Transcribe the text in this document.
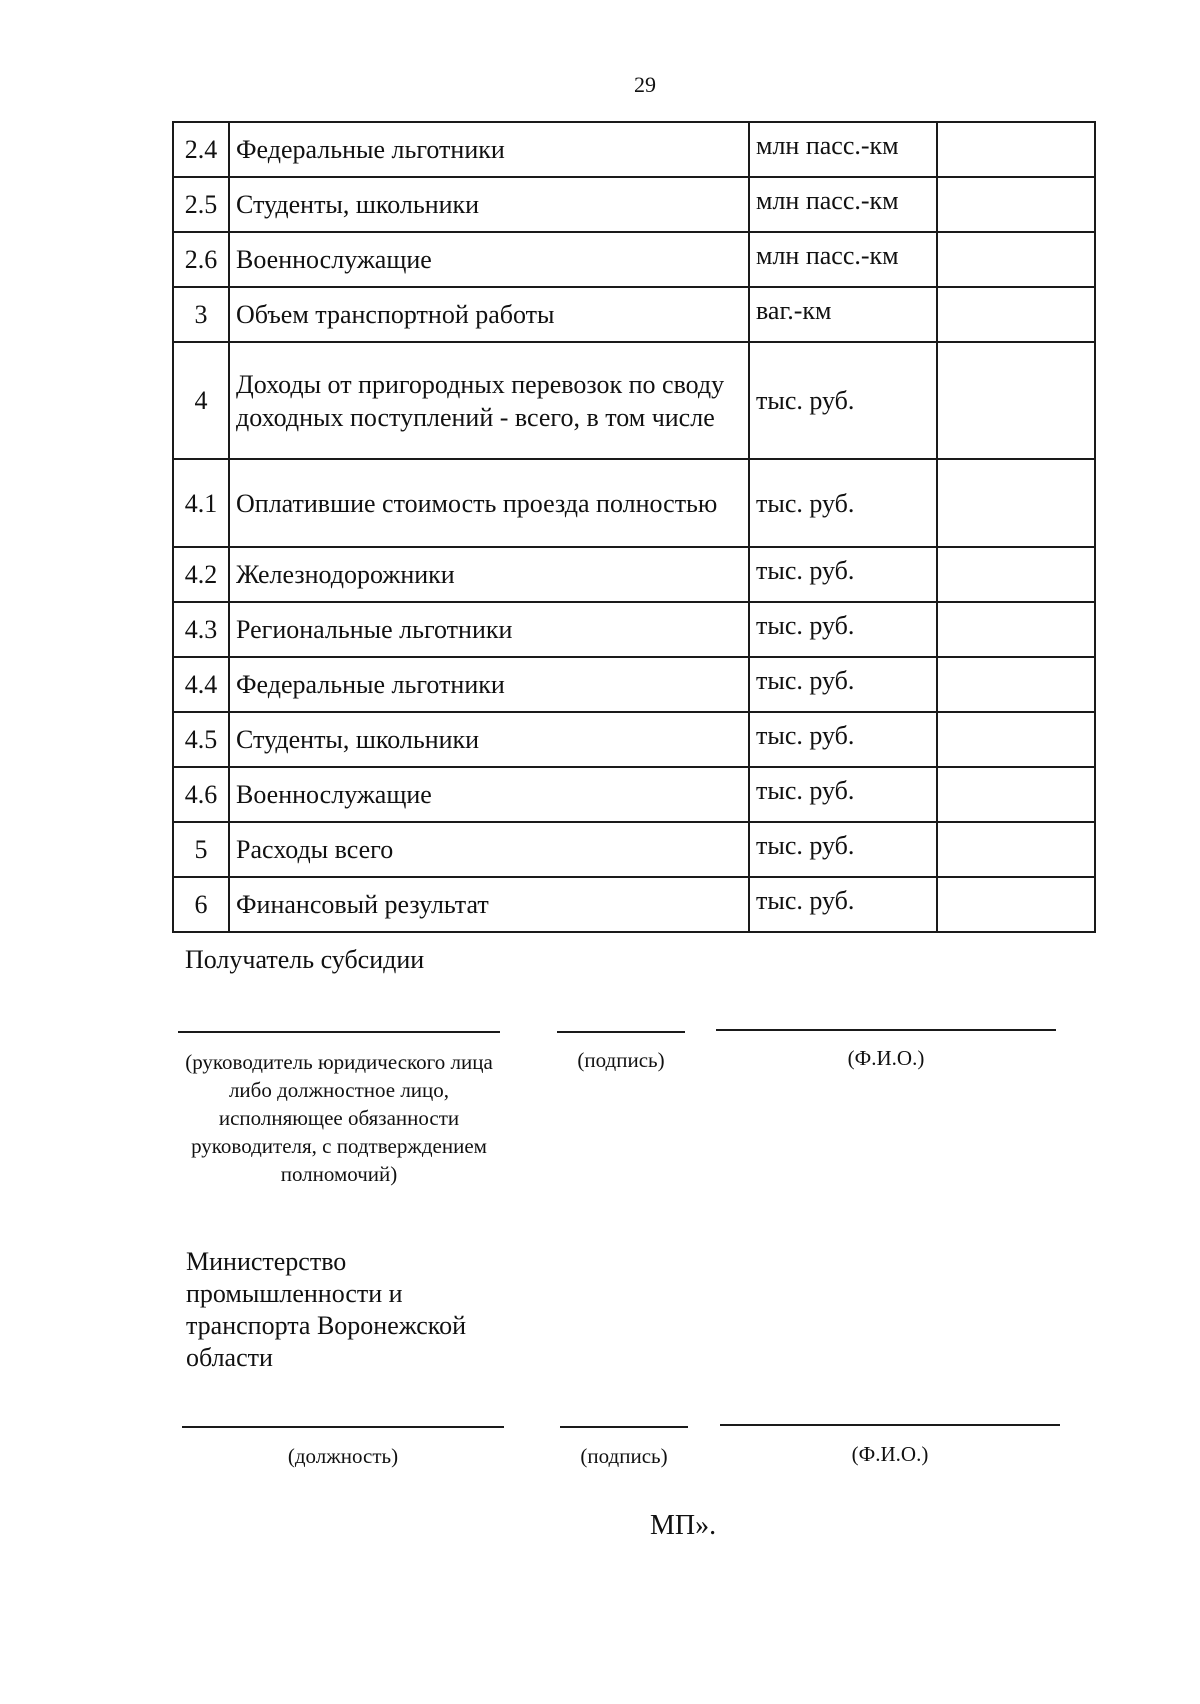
29
2.4	Федеральные льготники	млн пасс.-км	
2.5	Студенты, школьники	млн пасс.-км	
2.6	Военнослужащие	млн пасс.-км	
3	Объем транспортной работы	ваг.-км	
4	Доходы от пригородных перевозок по своду доходных поступлений - всего, в том числе	тыс. руб.	
4.1	Оплатившие стоимость проезда полностью	тыс. руб.	
4.2	Железнодорожники	тыс. руб.	
4.3	Региональные льготники	тыс. руб.	
4.4	Федеральные льготники	тыс. руб.	
4.5	Студенты, школьники	тыс. руб.	
4.6	Военнослужащие	тыс. руб.	
5	Расходы всего	тыс. руб.	
6	Финансовый результат	тыс. руб.	
Получатель субсидии
(руководитель юридического лица либо должностное лицо, исполняющее обязанности руководителя, с подтверждением полномочий)
(подпись)	(Ф.И.О.)
Министерство промышленности и транспорта Воронежской области
(должность)	(подпись)	(Ф.И.О.)
МП».
